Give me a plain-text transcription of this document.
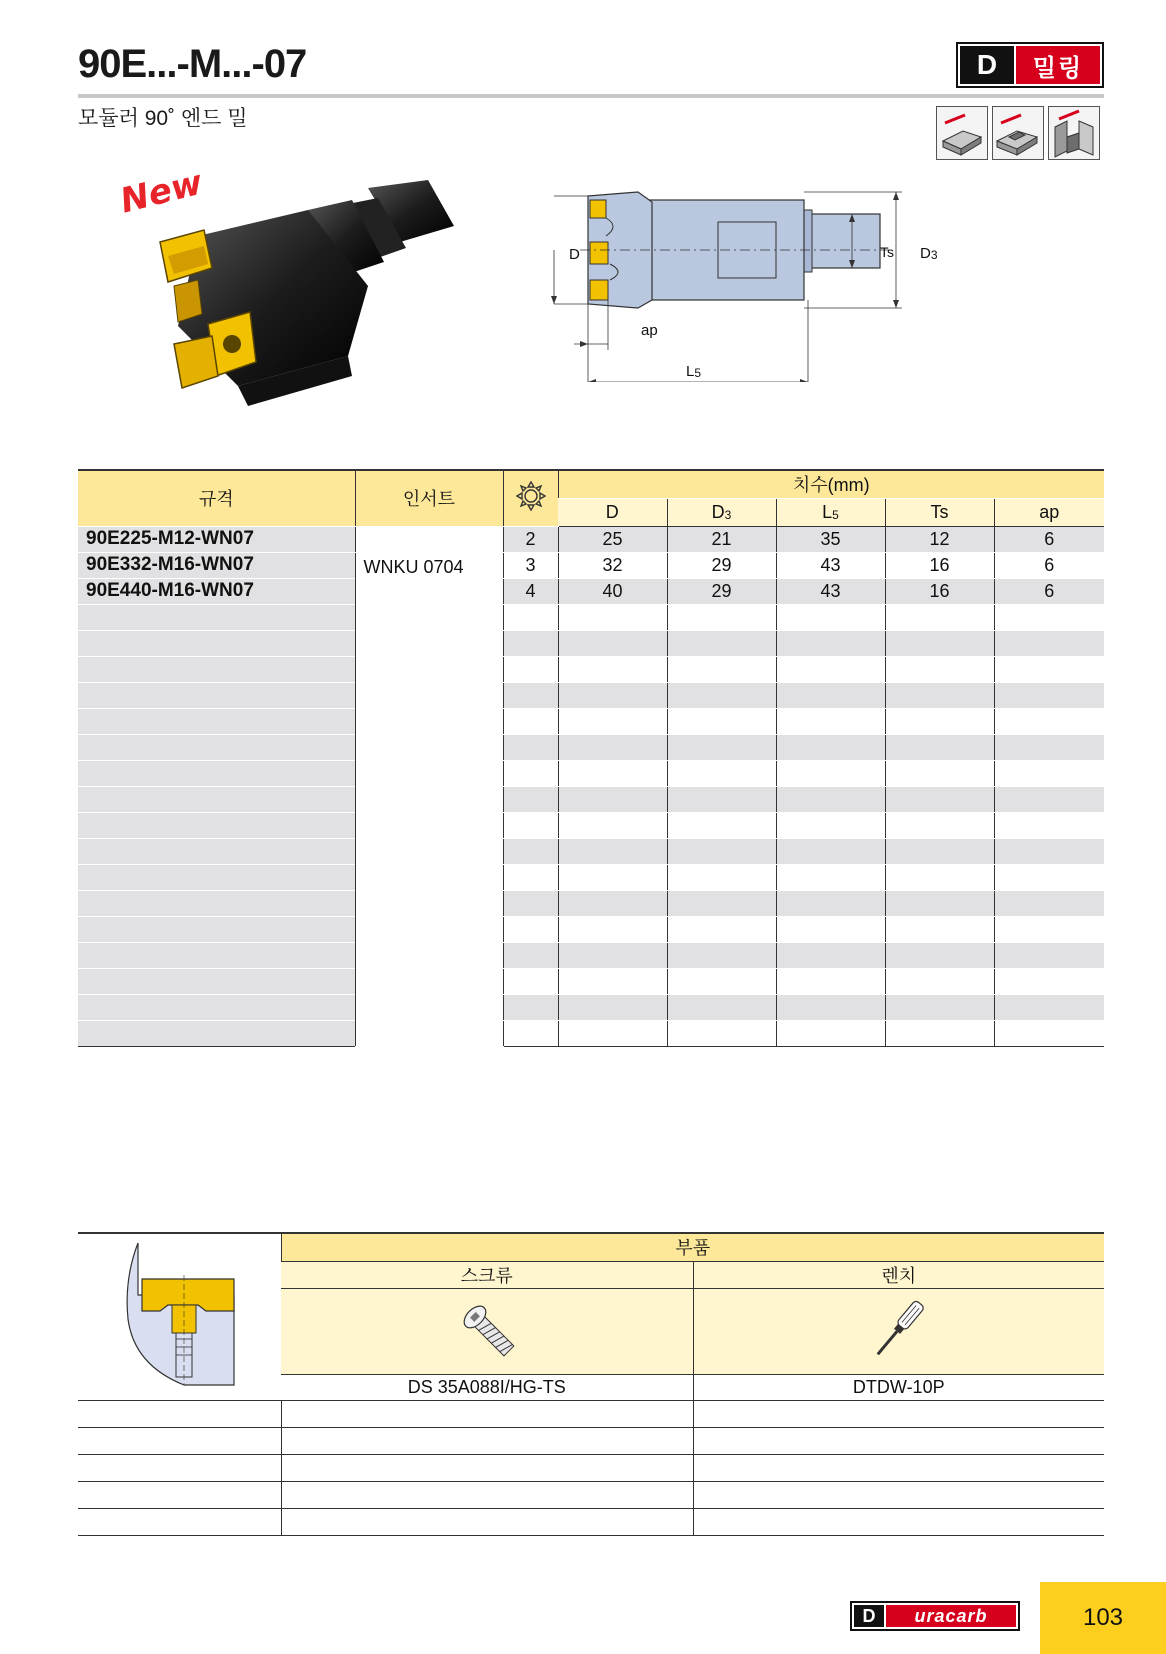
90E...-M...-07
모듈러 90˚ 엔드 밀
D	밀링
New
D	Ts $D_3$
ap
$L_5$
규격	인서트		치수(mm)				
			D	$D_3$	$L_5$	Ts	ap
90E225-M12-WN07	WNKU 0704	2	25	21	35	12	6
90E332-M16-WN07		3	32	29	43	16	6
90E440-M16-WN07		4	40	29	43	16	6

	부품	
	스크류	렌치

	DS 35A088I/HG-TS	DTDW-10P

D	uracarb	103
